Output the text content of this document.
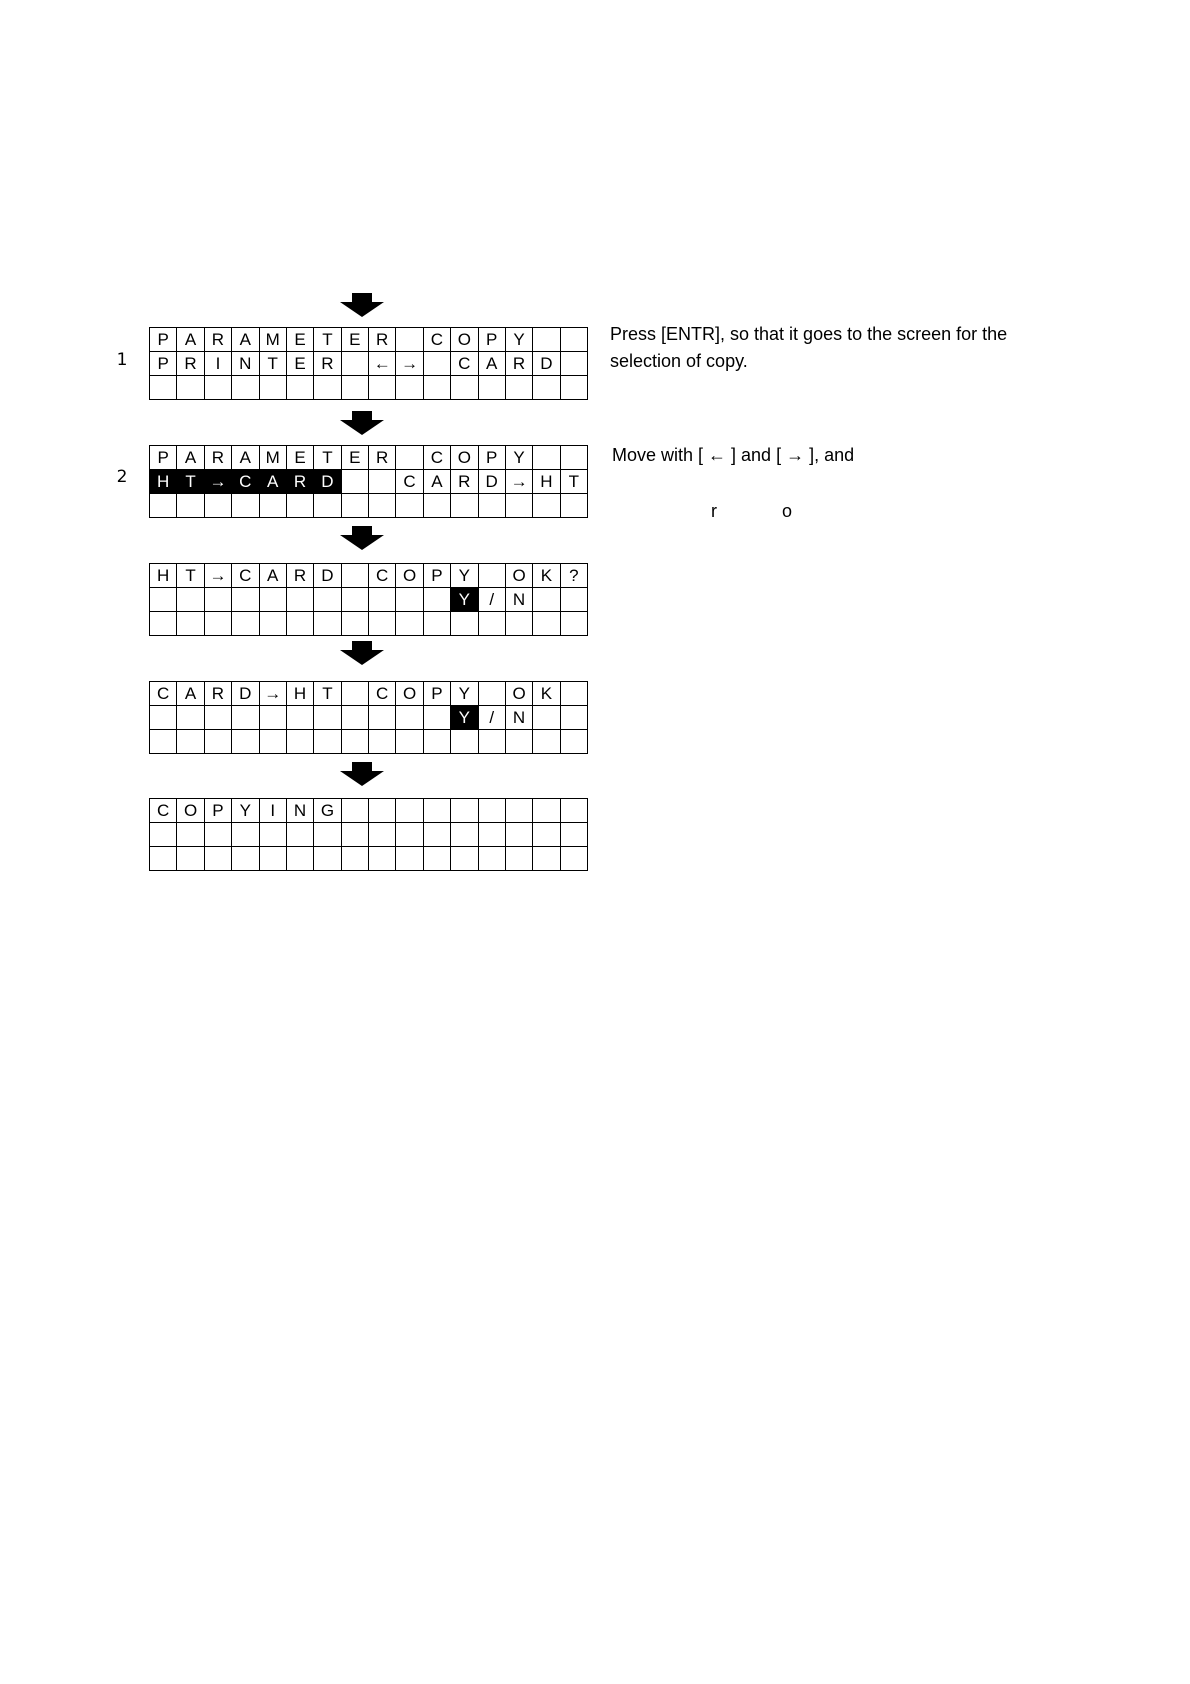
1
2
P	A	R	A	M	E	T	E	R		C	O	P	Y		
P	R	I	N	T	E	R		←	→		C	A	R	D	

P	A	R	A	M	E	T	E	R		C	O	P	Y		
H	T	→	C	A	R	D			C	A	R	D	→	H	T

H	T	→	C	A	R	D		C	O	P	Y		O	K	?
											Y	/	N		

C	A	R	D	→	H	T		C	O	P	Y		O	K	
											Y	/	N		

C	O	P	Y	I	N	G									

Press [ENTR], so that it goes to the screen for the
selection of copy.
Move with [ ← ] and [ → ], and
r	o
